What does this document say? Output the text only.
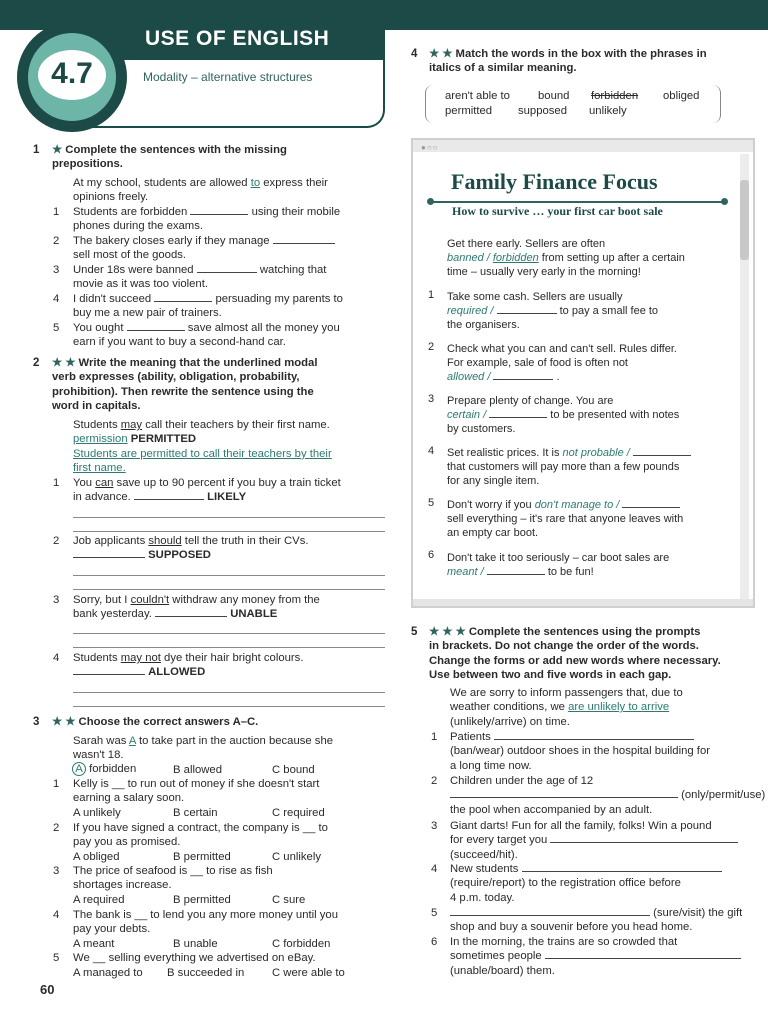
USE OF ENGLISH
Modality – alternative structures
4.7
1 ★ Complete the sentences with the missing
prepositions.
At my school, students are allowed to express their
opinions freely.
1 Students are forbidden	using their mobile
phones during the exams.
2 The bakery closes early if they manage
sell most of the goods.
3 Under 18s were banned	watching that
movie as it was too violent.
4 I didn't succeed	persuading my parents to
buy me a new pair of trainers.
5 You ought	save almost all the money you
earn if you want to buy a second-hand car.
2 ★ ★ Write the meaning that the underlined modal
verb expresses (ability, obligation, probability,
prohibition). Then rewrite the sentence using the
word in capitals.
Students may call their teachers by their first name.
permission PERMITTED
Students are permitted to call their teachers by their
first name.
1 You can save up to 90 percent if you buy a train ticket
in advance.	LIKELY
2 Job applicants should tell the truth in their CVs.
SUPPOSED
3 Sorry, but I couldn't withdraw any money from the
bank yesterday.	UNABLE
4 Students may not dye their hair bright colours.
ALLOWED
3 ★ ★ Choose the correct answers A–C.
Sarah was A to take part in the auction because she
wasn't 18.
A forbidden	B allowed	C bound
1 Kelly is __ to run out of money if she doesn't start
earning a salary soon.
A unlikely	B certain	C required
2 If you have signed a contract, the company is __ to
pay you as promised.
A obliged	B permitted	C unlikely
3 The price of seafood is __ to rise as fish
shortages increase.
A required	B permitted	C sure
4 The bank is __ to lend you any more money until you
pay your debts.
A meant	B unable	C forbidden
5 We __ selling everything we advertised on eBay.
A managed to B succeeded in C were able to
60
4 ★ ★ Match the words in the box with the phrases in
italics of a similar meaning.
aren't able to bound forbidden obliged
permitted supposed unlikely
●○○
Family Finance Focus
How to survive … your first car boot sale
Get there early. Sellers are often
banned / forbidden from setting up after a certain
time – usually very early in the morning!
1 Take some cash. Sellers are usually
required /	to pay a small fee to
the organisers.
2 Check what you can and can't sell. Rules differ.
For example, sale of food is often not
allowed /	.
3 Prepare plenty of change. You are
certain /	to be presented with notes
by customers.
4 Set realistic prices. It is not probable /
that customers will pay more than a few pounds
for any single item.
5 Don't worry if you don't manage to /
sell everything – it's rare that anyone leaves with
an empty car boot.
6 Don't take it too seriously – car boot sales are
meant /	to be fun!
5 ★ ★ ★ Complete the sentences using the prompts
in brackets. Do not change the order of the words.
Change the forms or add new words where necessary.
Use between two and five words in each gap.
We are sorry to inform passengers that, due to
weather conditions, we are unlikely to arrive
(unlikely/arrive) on time.
1 Patients
(ban/wear) outdoor shoes in the hospital building for
a long time now.
2 Children under the age of 12
(only/permit/use)
the pool when accompanied by an adult.
3 Giant darts! Fun for all the family, folks! Win a pound
for every target you
(succeed/hit).
4 New students
(require/report) to the registration office before
4 p.m. today.
5	(sure/visit) the gift
shop and buy a souvenir before you head home.
6 In the morning, the trains are so crowded that
sometimes people
(unable/board) them.
